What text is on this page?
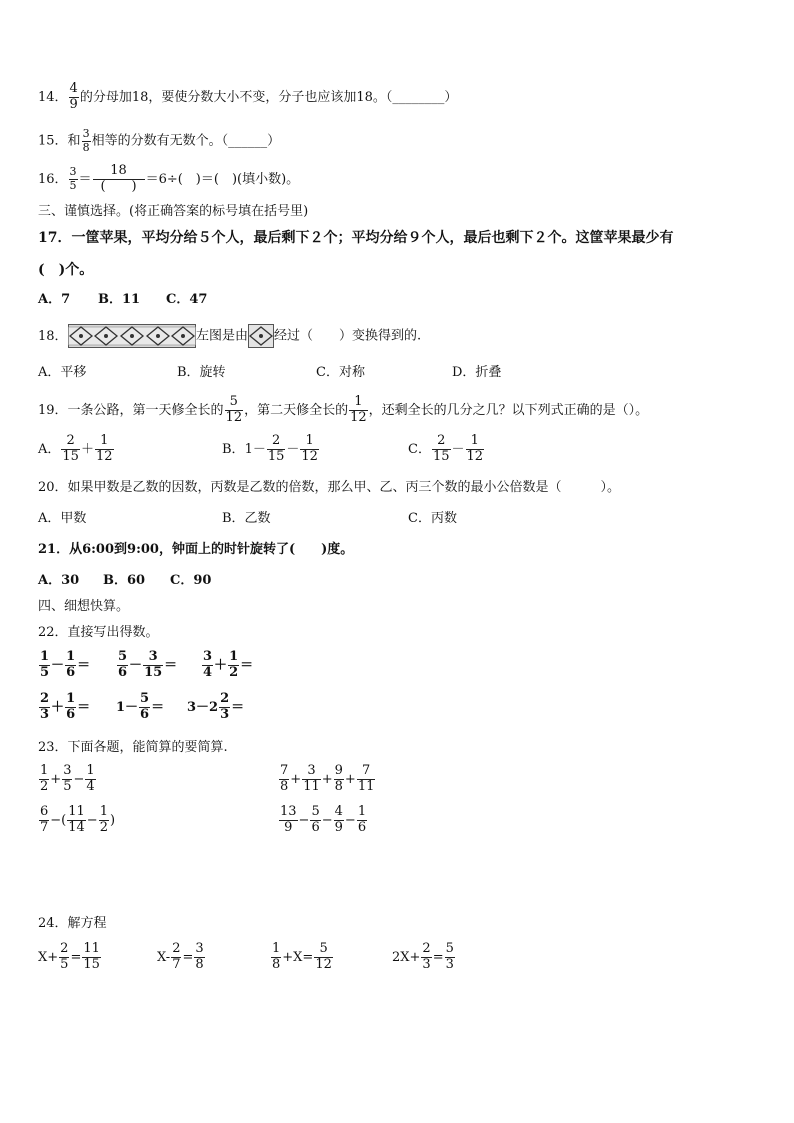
14． $\frac{4}{9}$ 的分母加18，要使分数大小不变，分子也应该加18。（________）
15．和 $\frac{3}{8}$ 相等的分数有无数个。（______）
16． $\frac{3}{5} = \frac{18}{( )} =6\div$(　)＝(　)(填小数)。
三、谨慎选择。(将正确答案的标号填在括号里)
17．一筐苹果，平均分给５个人，最后剩下２个；平均分给９个人，最后也剩下２个。这筐苹果最少有
(　)个。
A．7 B．11 C．47
18．	左图是由 经过（　　）变换得到的.
A．平移	B．旋转	C．对称	D．折叠
19．一条公路，第一天修全长的 $\frac{5}{12}$ ，第二天修全长的 $\frac{1}{12}$ ，还剩全长的几分之几？以下列式正确的是（）。
A． $\frac{2}{15} + \frac{1}{12}$	B．$1- \frac{2}{15} - \frac{1}{12}$	C． $\frac{2}{15} - \frac{1}{12}$
20．如果甲数是乙数的因数，丙数是乙数的倍数，那么甲、乙、丙三个数的最小公倍数是（　　　）。
A．甲数	B．乙数	C．丙数
21．从6:00到9:00，钟面上的时针旋转了(　　)度。
A．30 B．60 C．90
四、细想快算。
22．直接写出得数。
$\frac{1}{5} - \frac{1}{6} = \frac{5}{6} - \frac{3}{15} = \frac{3}{4} + \frac{1}{2}$ ＝
$\frac{2}{3} + \frac{1}{6} = 1- \frac{5}{6} = 3-2 \frac{2}{3}$ ＝
23．下面各题，能简算的要简算.
$\frac{1}{2} + \frac{3}{5} - \frac{1}{4}$	$\frac{7}{8} + \frac{3}{11} + \frac{9}{8} + \frac{7}{11}$
$\frac{6}{7}$ −( $\frac{11}{14} - \frac{1}{2}$ )	$\frac{13}{9} - \frac{5}{6} - \frac{4}{9} - \frac{1}{6}$
24．解方程
$X+ \frac{2}{5} = \frac{11}{15}$	$X- \frac{2}{7} = \frac{3}{8}$	$\frac{1}{8} +X= \frac{5}{12}$	$2X+ \frac{2}{3} = \frac{5}{3}$
